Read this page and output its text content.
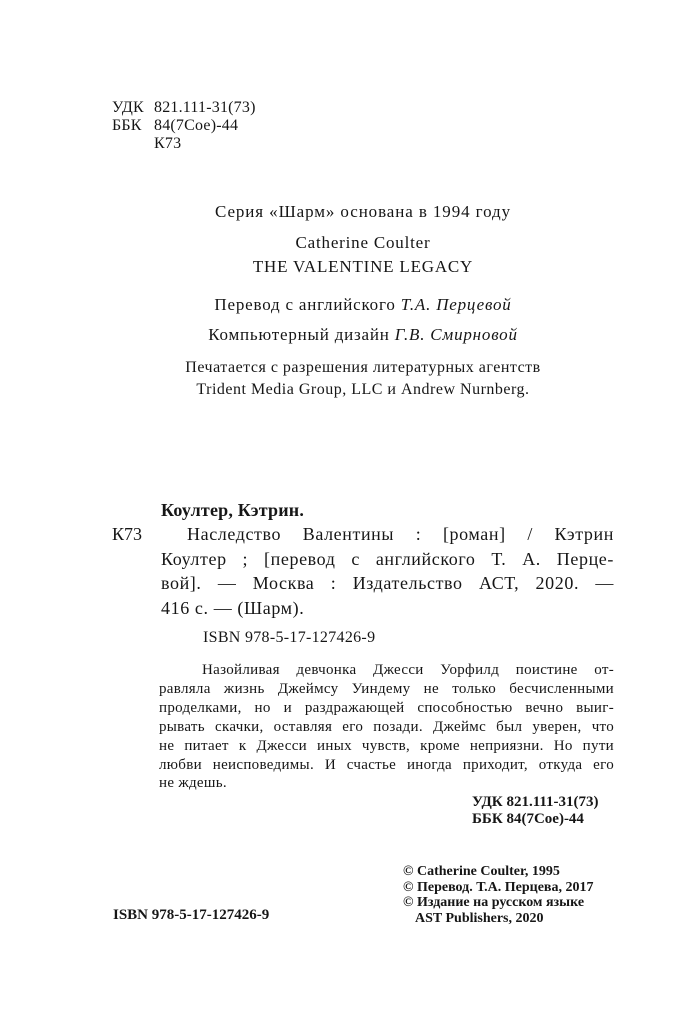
УДК 821.111-31(73)
ББК 84(7Сое)-44
К73
Серия «Шарм» основана в 1994 году
Catherine Coulter
THE VALENTINE LEGACY
Перевод с английского Т.А. Перцевой
Компьютерный дизайн Г.В. Смирновой
Печатается с разрешения литературных агентств
Trident Media Group, LLC и Andrew Nurnberg.
Коултер, Кэтрин.
К73	Наследство Валентины : [роман] / Кэтрин
Коултер ; [перевод с английского Т. А. Перце-
вой]. — Москва : Издательство АСТ, 2020. —
416 с. — (Шарм).
ISBN 978-5-17-127426-9
Назойливая девчонка Джесси Уорфилд поистине от-
равляла жизнь Джеймсу Уиндему не только бесчисленными
проделками, но и раздражающей способностью вечно выиг-
рывать скачки, оставляя его позади. Джеймс был уверен, что
не питает к Джесси иных чувств, кроме неприязни. Но пути
любви неисповедимы. И счастье иногда приходит, откуда его
не ждешь.
УДК 821.111-31(73)
ББК 84(7Сое)-44
© Catherine Coulter, 1995
© Перевод. Т.А. Перцева, 2017
© Издание на русском языке
AST Publishers, 2020
ISBN 978-5-17-127426-9
